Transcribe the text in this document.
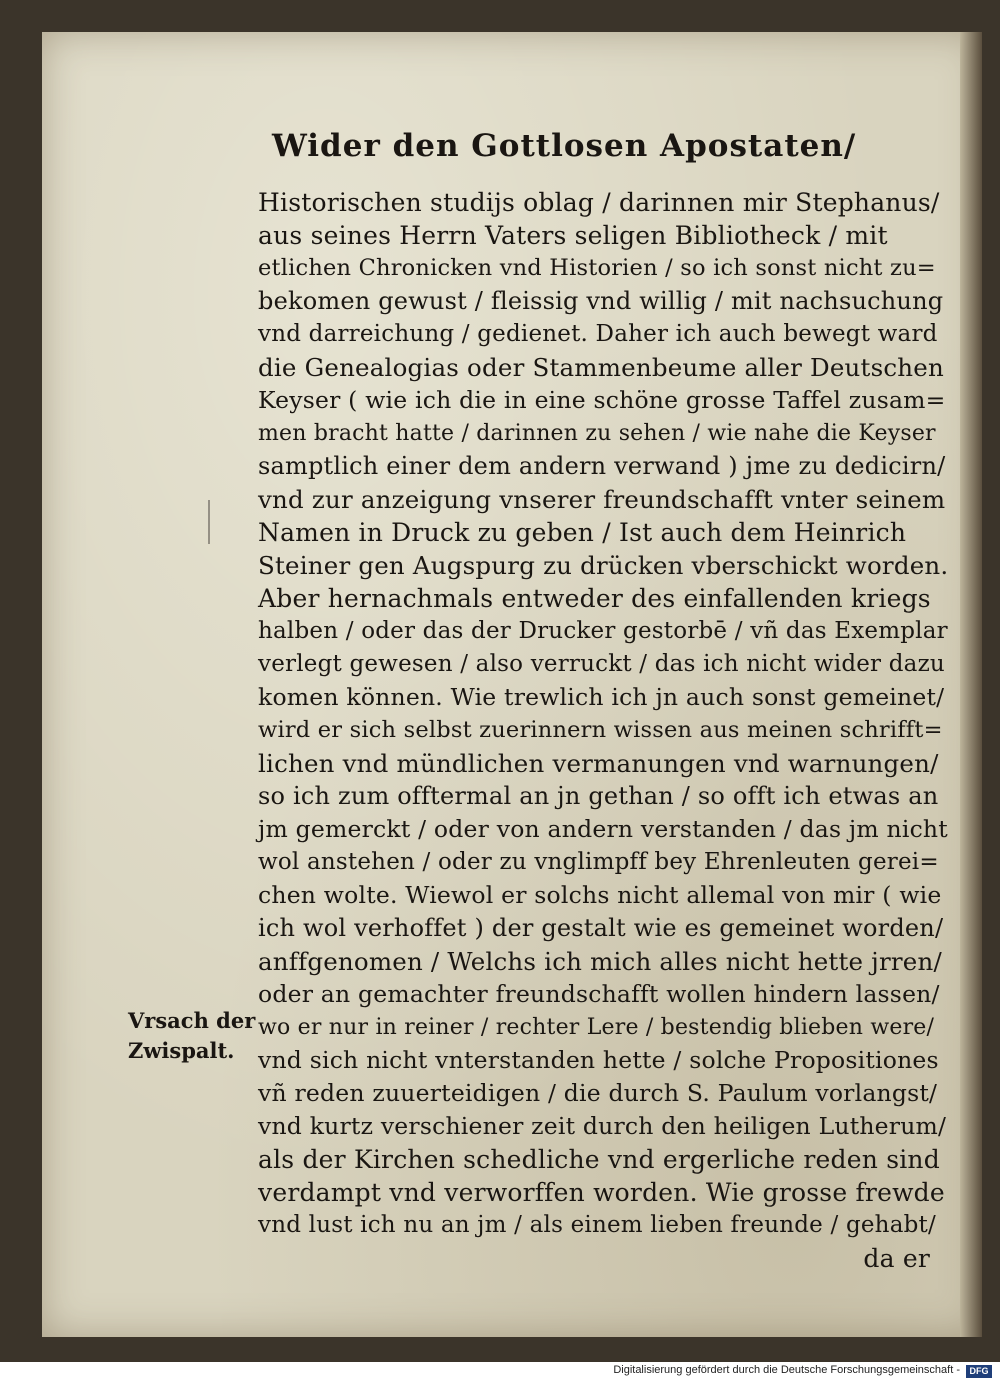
Wider den Gottlosen Apostaten/
Vrsach der
Zwispalt.
Historischen studijs oblag / darinnen mir Stephanus/
aus seines Herrn Vaters seligen Bibliotheck / mit
etlichen Chronicken vnd Historien / so ich sonst nicht zu=
bekomen gewust / fleissig vnd willig / mit nachsuchung
vnd darreichung / gedienet. Daher ich auch bewegt ward
die Genealogias oder Stammenbeume aller Deutschen
Keyser ( wie ich die in eine schöne grosse Taffel zusam=
men bracht hatte / darinnen zu sehen / wie nahe die Keyser
samptlich einer dem andern verwand ) jme zu dedicirn/
vnd zur anzeigung vnserer freundschafft vnter seinem
Namen in Druck zu geben / Ist auch dem Heinrich
Steiner gen Augspurg zu drücken vberschickt worden.
Aber hernachmals entweder des einfallenden kriegs
halben / oder das der Drucker gestorbē / vñ das Exemplar
verlegt gewesen / also verruckt / das ich nicht wider dazu
komen können. Wie trewlich ich jn auch sonst gemeinet/
wird er sich selbst zuerinnern wissen aus meinen schrifft=
lichen vnd mündlichen vermanungen vnd warnungen/
so ich zum offtermal an jn gethan / so offt ich etwas an
jm gemerckt / oder von andern verstanden / das jm nicht
wol anstehen / oder zu vnglimpff bey Ehrenleuten gerei=
chen wolte. Wiewol er solchs nicht allemal von mir ( wie
ich wol verhoffet ) der gestalt wie es gemeinet worden/
anffgenomen / Welchs ich mich alles nicht hette jrren/
oder an gemachter freundschafft wollen hindern lassen/
wo er nur in reiner / rechter Lere / bestendig blieben were/
vnd sich nicht vnterstanden hette / solche Propositiones
vñ reden zuuerteidigen / die durch S. Paulum vorlangst/
vnd kurtz verschiener zeit durch den heiligen Lutherum/
als der Kirchen schedliche vnd ergerliche reden sind
verdampt vnd verworffen worden. Wie grosse frewde
vnd lust ich nu an jm / als einem lieben freunde / gehabt/
da er
Digitalisierung gefördert durch die Deutsche Forschungsgemeinschaft -	DFG
